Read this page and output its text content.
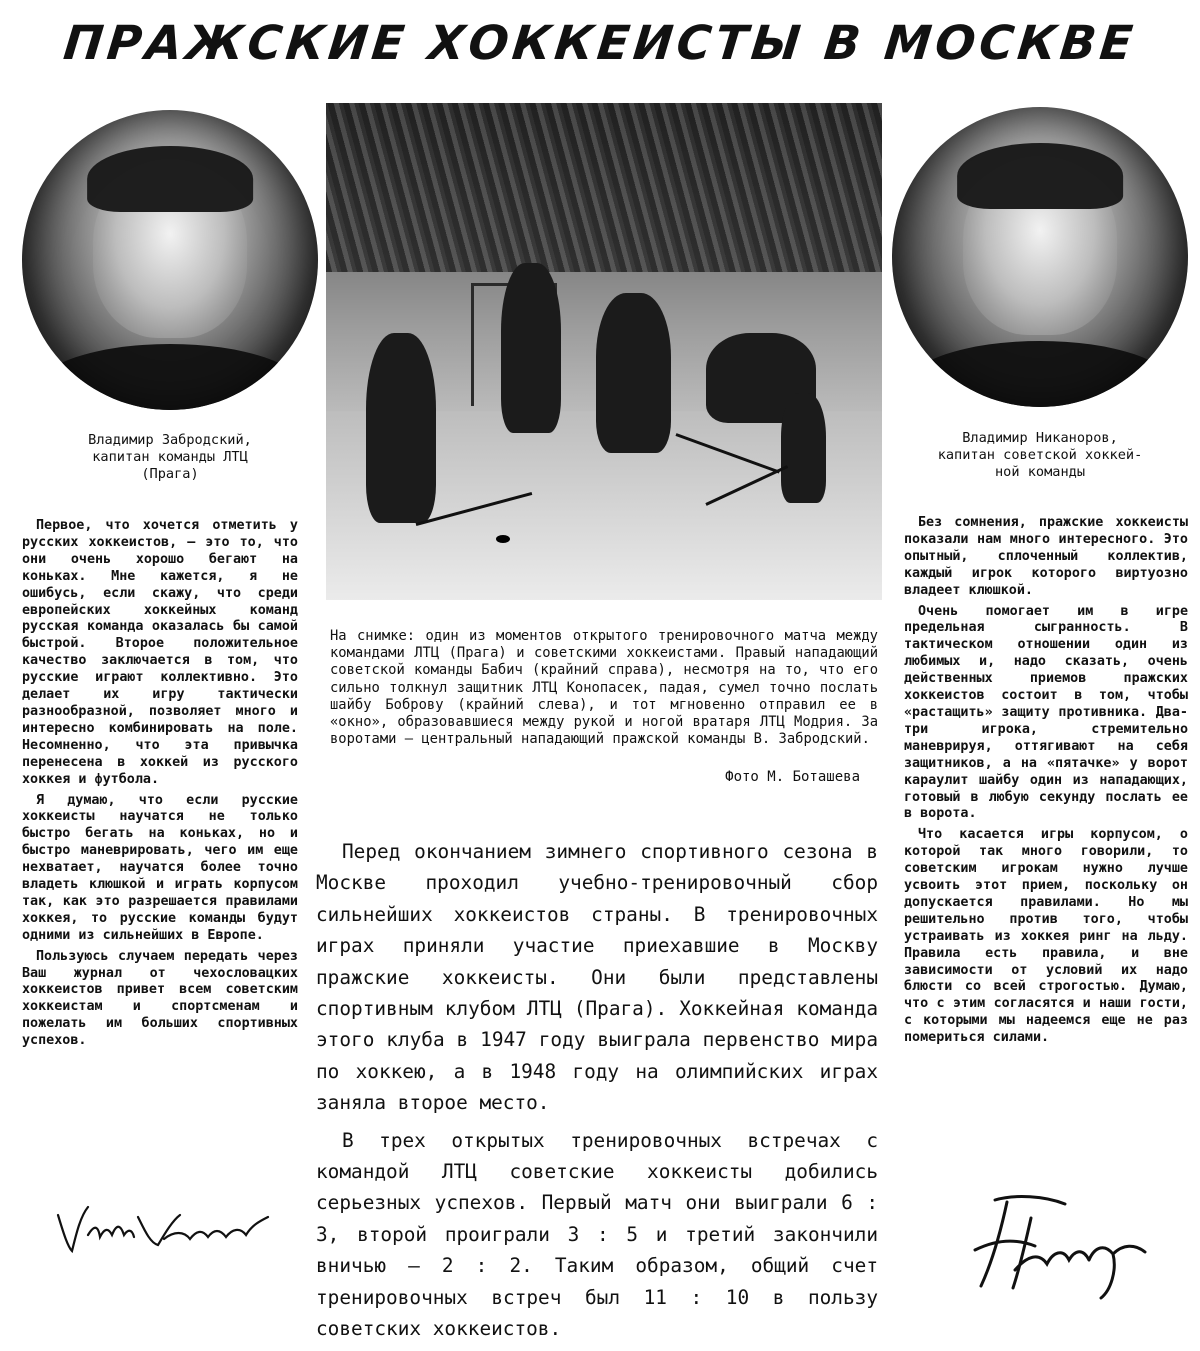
ПРАЖСКИЕ ХОККЕИСТЫ В МОСКВЕ
Владимир Забродский,
капитан команды ЛТЦ
(Прага)
Владимир Никаноров,
капитан советской хоккей-
ной команды
На снимке: один из моментов открытого тренировочного матча между командами ЛТЦ (Прага) и советскими хоккеистами. Правый нападающий советской команды Бабич (крайний справа), несмотря на то, что его сильно толкнул защитник ЛТЦ Конопасек, падая, сумел точно послать шайбу Боброву (крайний слева), и тот мгновенно отправил ее в «окно», образовавшиеся между рукой и ногой вратаря ЛТЦ Модрия. За воротами — центральный нападающий пражской команды В. Забродский.
Фото М. Боташева

Первое, что хочется отметить у русских хоккеистов, — это то, что они очень хорошо бегают на коньках. Мне кажется, я не ошибусь, если скажу, что среди европейских хоккейных команд русская команда оказалась бы самой быстрой. Второе положительное качество заключается в том, что русские играют коллективно. Это делает их игру тактически разнообразной, позволяет много и интересно комбинировать на поле. Несомненно, что эта привычка перенесена в хоккей из русского хоккея и футбола.

Я думаю, что если русские хоккеисты научатся не только быстро бегать на коньках, но и быстро маневрировать, чего им еще нехватает, научатся более точно владеть клюшкой и играть корпусом так, как это разрешается правилами хоккея, то русские команды будут одними из сильнейших в Европе.

Пользуюсь случаем передать через Ваш журнал от чехословацких хоккеистов привет всем советским хоккеистам и спортсменам и пожелать им больших спортивных успехов.

Без сомнения, пражские хоккеисты показали нам много интересного. Это опытный, сплоченный коллектив, каждый игрок которого виртуозно владеет клюшкой.

Очень помогает им в игре предельная сыгранность. В тактическом отношении один из любимых и, надо сказать, очень действенных приемов пражских хоккеистов состоит в том, чтобы «растащить» защиту противника. Два-три игрока, стремительно маневрируя, оттягивают на себя защитников, а на «пятачке» у ворот караулит шайбу один из нападающих, готовый в любую секунду послать ее в ворота.

Что касается игры корпусом, о которой так много говорили, то советским игрокам нужно лучше усвоить этот прием, поскольку он допускается правилами. Но мы решительно против того, чтобы устраивать из хоккея ринг на льду. Правила есть правила, и вне зависимости от условий их надо блюсти со всей строгостью. Думаю, что с этим согласятся и наши гости, с которыми мы надеемся еще не раз помериться силами.

Перед окончанием зимнего спортивного сезона в Москве проходил учебно-тренировочный сбор сильнейших хоккеистов страны. В тренировочных играх приняли участие приехавшие в Москву пражские хоккеисты. Они были представлены спортивным клубом ЛТЦ (Прага). Хоккейная команда этого клуба в 1947 году выиграла первенство мира по хоккею, а в 1948 году на олимпийских играх заняла второе место.

В трех открытых тренировочных встречах с командой ЛТЦ советские хоккеисты добились серьезных успехов. Первый матч они выиграли 6 : 3, второй проиграли 3 : 5 и третий закончили вничью — 2 : 2. Таким образом, общий счет тренировочных встреч был 11 : 10 в пользу советских хоккеистов.
